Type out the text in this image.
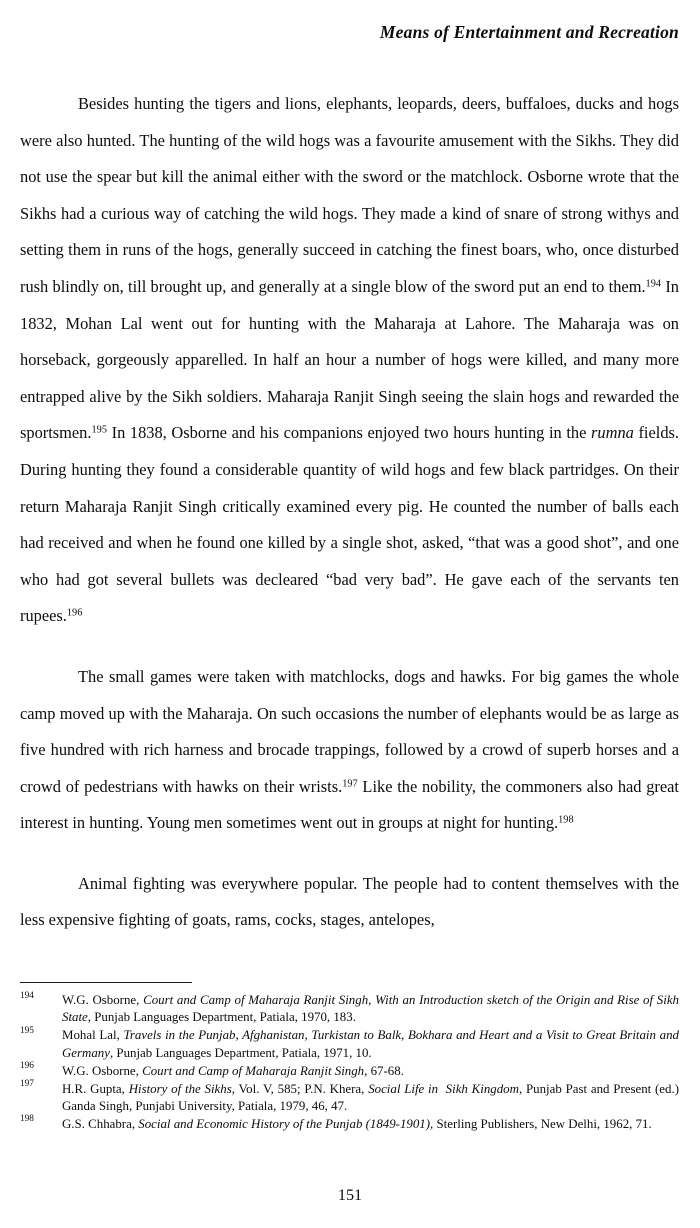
Means of Entertainment and Recreation

Besides hunting the tigers and lions, elephants, leopards, deers, buffaloes, ducks and hogs were also hunted. The hunting of the wild hogs was a favourite amusement with the Sikhs. They did not use the spear but kill the animal either with the sword or the matchlock. Osborne wrote that the Sikhs had a curious way of catching the wild hogs. They made a kind of snare of strong withys and setting them in runs of the hogs, generally succeed in catching the finest boars, who, once disturbed rush blindly on, till brought up, and generally at a single blow of the sword put an end to them.$^{194}$ In 1832, Mohan Lal went out for hunting with the Maharaja at Lahore. The Maharaja was on horseback, gorgeously apparelled. In half an hour a number of hogs were killed, and many more entrapped alive by the Sikh soldiers. Maharaja Ranjit Singh seeing the slain hogs and rewarded the sportsmen.$^{195}$ In 1838, Osborne and his companions enjoyed two hours hunting in the rumna fields. During hunting they found a considerable quantity of wild hogs and few black partridges. On their return Maharaja Ranjit Singh critically examined every pig. He counted the number of balls each had received and when he found one killed by a single shot, asked, “that was a good shot”, and one who had got several bullets was decleared “bad very bad”. He gave each of the servants ten rupees.$^{196}$

The small games were taken with matchlocks, dogs and hawks. For big games the whole camp moved up with the Maharaja. On such occasions the number of elephants would be as large as five hundred with rich harness and brocade trappings, followed by a crowd of superb horses and a crowd of pedestrians with hawks on their wrists.$^{197}$ Like the nobility, the commoners also had great interest in hunting. Young men sometimes went out in groups at night for hunting.$^{198}$

Animal fighting was everywhere popular. The people had to content themselves with the less expensive fighting of goats, rams, cocks, stages, antelopes,

194	W.G. Osborne, Court and Camp of Maharaja Ranjit Singh, With an Introduction sketch of the Origin and Rise of Sikh State, Punjab Languages Department, Patiala, 1970, 183.
195	Mohal Lal, Travels in the Punjab, Afghanistan, Turkistan to Balk, Bokhara and Heart and a Visit to Great Britain and Germany, Punjab Languages Department, Patiala, 1971, 10.
196	W.G. Osborne, Court and Camp of Maharaja Ranjit Singh, 67-68.
197	H.R. Gupta, History of the Sikhs, Vol. V, 585; P.N. Khera, Social Life in  Sikh Kingdom, Punjab Past and Present (ed.) Ganda Singh, Punjabi University, Patiala, 1979, 46, 47.
198	G.S. Chhabra, Social and Economic History of the Punjab (1849-1901), Sterling Publishers, New Delhi, 1962, 71.
151
